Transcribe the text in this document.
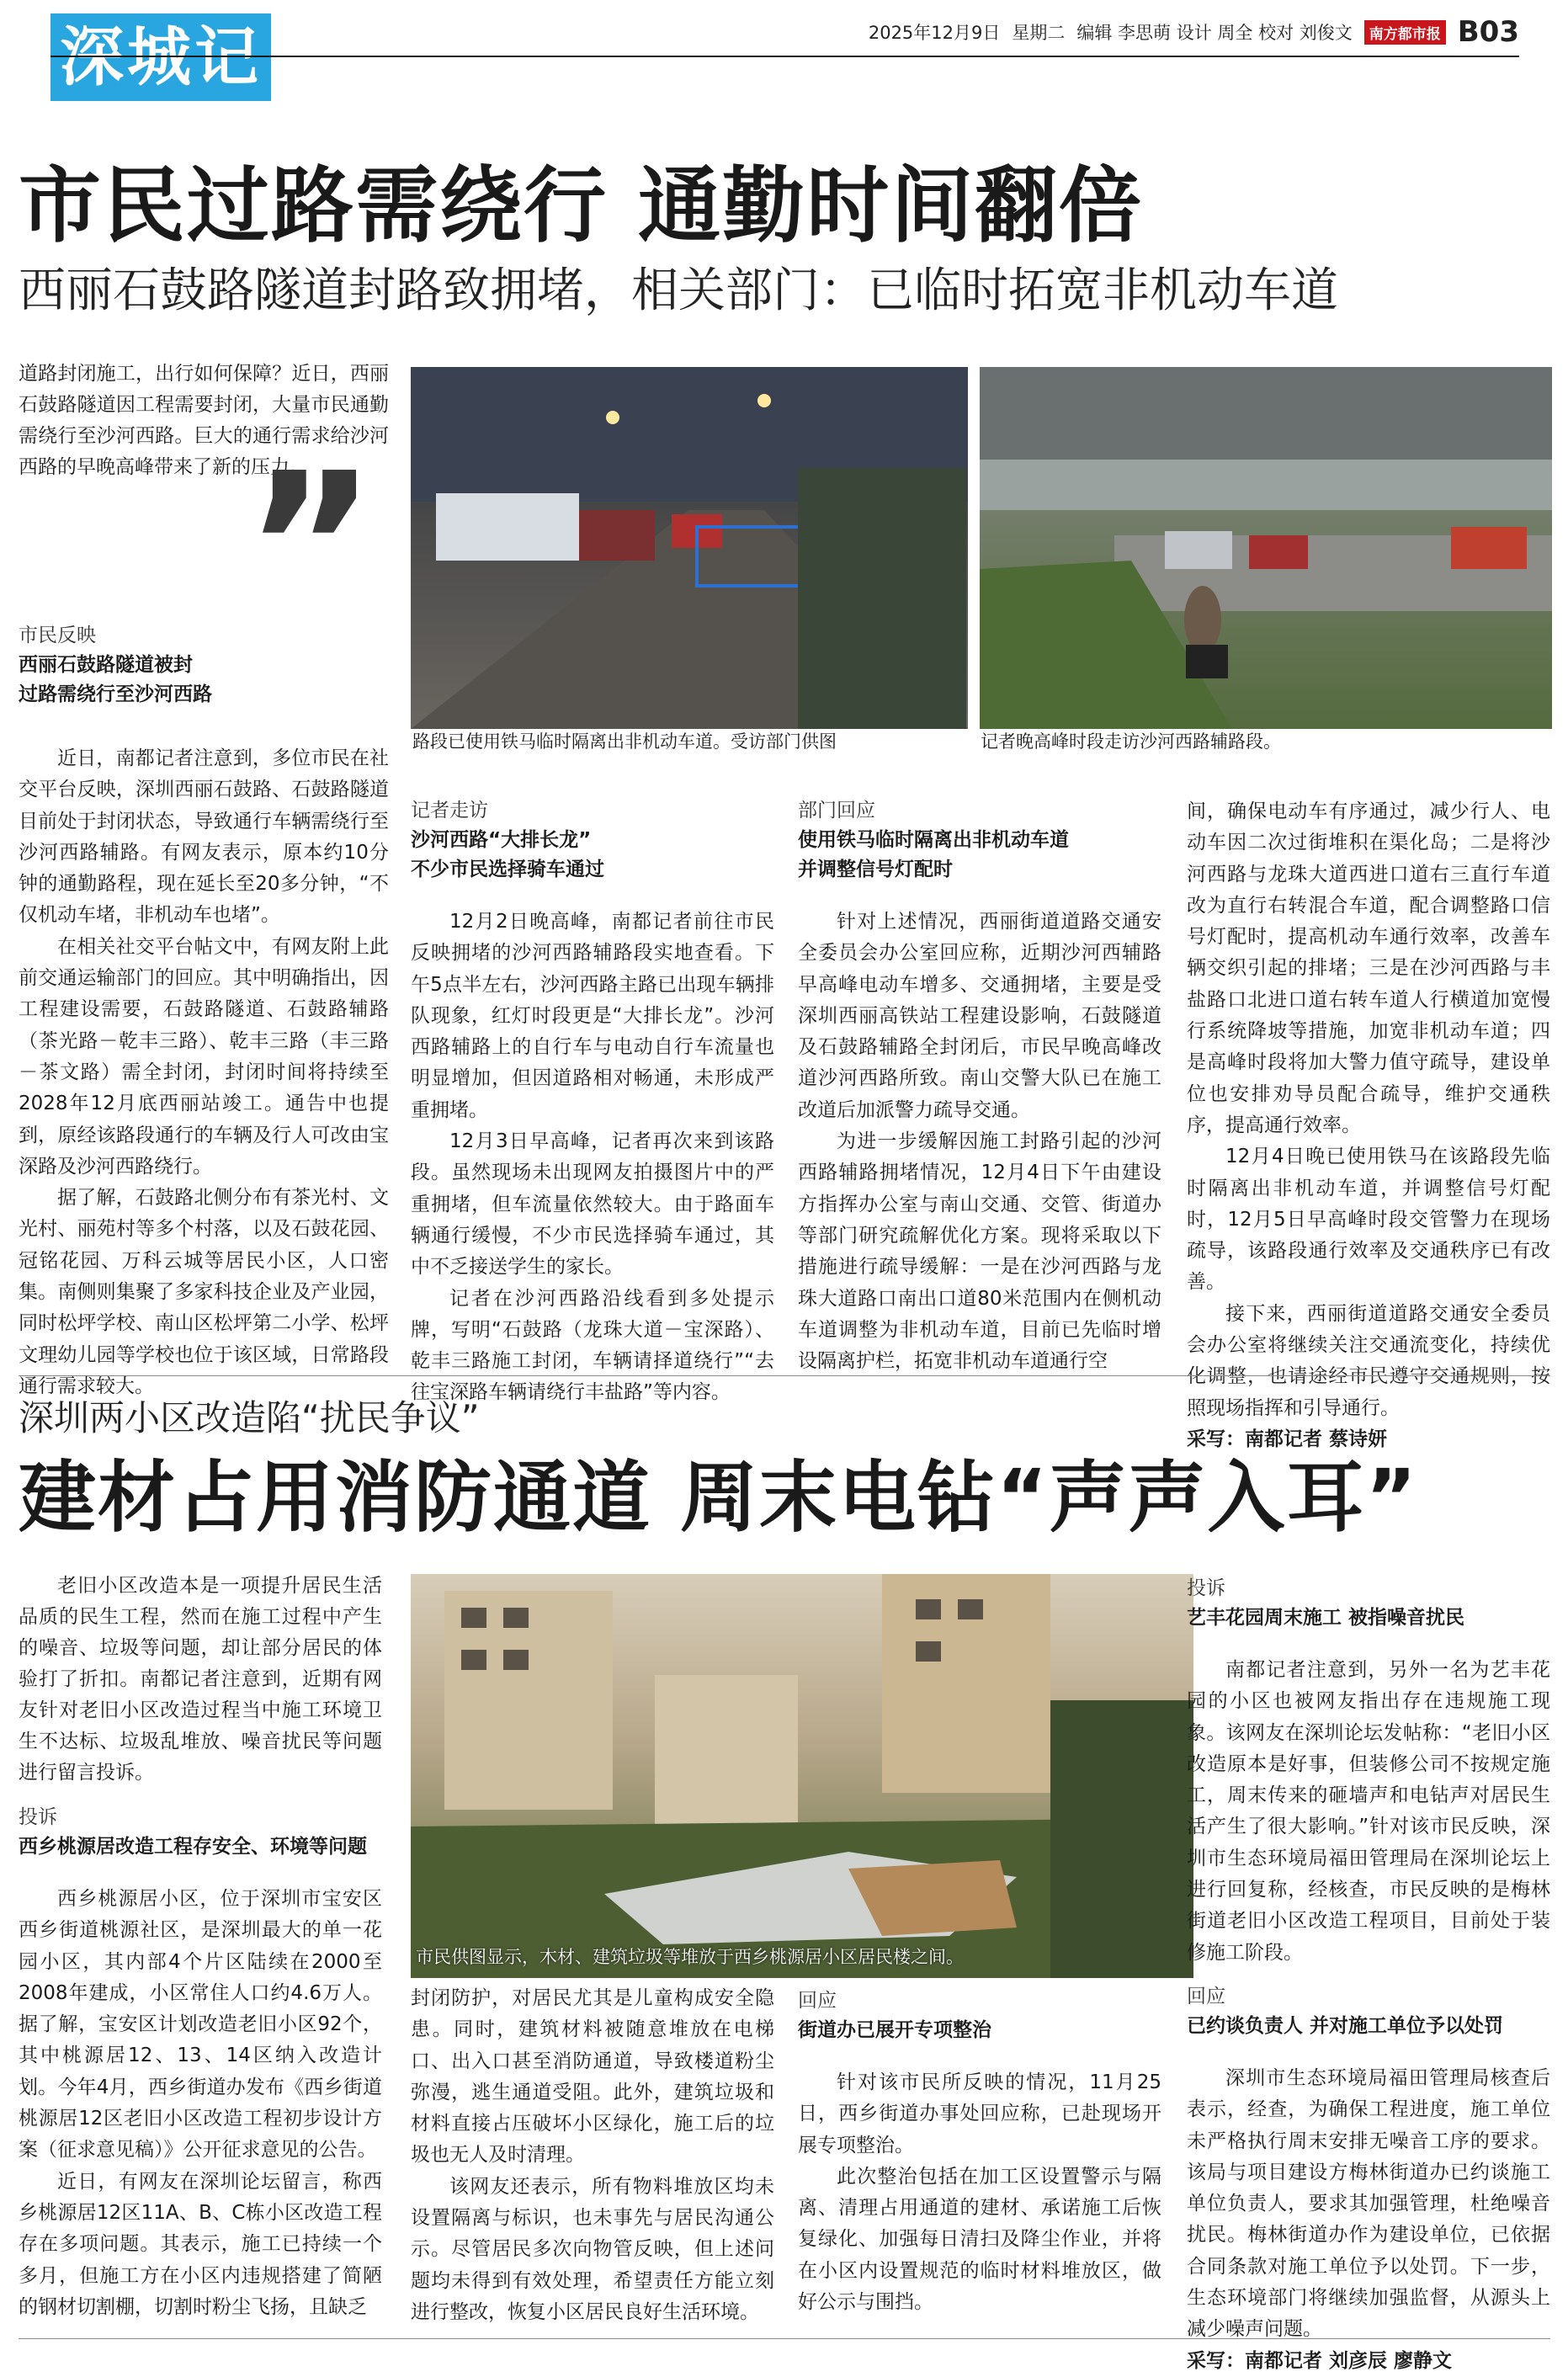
深城记	2025年12月9日 星期二 编辑 李思萌 设计 周全 校对 刘俊文	南方都市报 B03
市民过路需绕行 通勤时间翻倍
西丽石鼓路隧道封路致拥堵，相关部门：已临时拓宽非机动车道
道路封闭施工，出行如何保障？近日，西丽石鼓路隧道因工程需要封闭，大量市民通勤需绕行至沙河西路。巨大的通行需求给沙河西路的早晚高峰带来了新的压力。
”
路段已使用铁马临时隔离出非机动车道。受访部门供图	记者晚高峰时段走访沙河西路辅路段。
市民反映
西丽石鼓路隧道被封
过路需绕行至沙河西路

近日，南都记者注意到，多位市民在社交平台反映，深圳西丽石鼓路、石鼓路隧道目前处于封闭状态，导致通行车辆需绕行至沙河西路辅路。有网友表示，原本约10分钟的通勤路程，现在延长至20多分钟，“不仅机动车堵，非机动车也堵”。

在相关社交平台帖文中，有网友附上此前交通运输部门的回应。其中明确指出，因工程建设需要，石鼓路隧道、石鼓路辅路（茶光路－乾丰三路）、乾丰三路（丰三路－茶文路）需全封闭，封闭时间将持续至2028年12月底西丽站竣工。通告中也提到，原经该路段通行的车辆及行人可改由宝深路及沙河西路绕行。

据了解，石鼓路北侧分布有茶光村、文光村、丽苑村等多个村落，以及石鼓花园、冠铭花园、万科云城等居民小区，人口密集。南侧则集聚了多家科技企业及产业园，同时松坪学校、南山区松坪第二小学、松坪文理幼儿园等学校也位于该区域，日常路段通行需求较大。

记者走访
沙河西路“大排长龙”
不少市民选择骑车通过

12月2日晚高峰，南都记者前往市民反映拥堵的沙河西路辅路段实地查看。下午5点半左右，沙河西路主路已出现车辆排队现象，红灯时段更是“大排长龙”。沙河西路辅路上的自行车与电动自行车流量也明显增加，但因道路相对畅通，未形成严重拥堵。

12月3日早高峰，记者再次来到该路段。虽然现场未出现网友拍摄图片中的严重拥堵，但车流量依然较大。由于路面车辆通行缓慢，不少市民选择骑车通过，其中不乏接送学生的家长。

记者在沙河西路沿线看到多处提示牌，写明“石鼓路（龙珠大道－宝深路）、乾丰三路施工封闭，车辆请择道绕行”“去往宝深路车辆请绕行丰盐路”等内容。

部门回应
使用铁马临时隔离出非机动车道
并调整信号灯配时

针对上述情况，西丽街道道路交通安全委员会办公室回应称，近期沙河西辅路早高峰电动车增多、交通拥堵，主要是受深圳西丽高铁站工程建设影响，石鼓隧道及石鼓路辅路全封闭后，市民早晚高峰改道沙河西路所致。南山交警大队已在施工改道后加派警力疏导交通。

为进一步缓解因施工封路引起的沙河西路辅路拥堵情况，12月4日下午由建设方指挥办公室与南山交通、交管、街道办等部门研究疏解优化方案。现将采取以下措施进行疏导缓解：一是在沙河西路与龙珠大道路口南出口道80米范围内在侧机动车道调整为非机动车道，目前已先临时增设隔离护栏，拓宽非机动车道通行空

间，确保电动车有序通过，减少行人、电动车因二次过街堆积在渠化岛；二是将沙河西路与龙珠大道西进口道右三直行车道改为直行右转混合车道，配合调整路口信号灯配时，提高机动车通行效率，改善车辆交织引起的排堵；三是在沙河西路与丰盐路口北进口道右转车道人行横道加宽慢行系统降坡等措施，加宽非机动车道；四是高峰时段将加大警力值守疏导，建设单位也安排劝导员配合疏导，维护交通秩序，提高通行效率。

12月4日晚已使用铁马在该路段先临时隔离出非机动车道，并调整信号灯配时，12月5日早高峰时段交管警力在现场疏导，该路段通行效率及交通秩序已有改善。

接下来，西丽街道道路交通安全委员会办公室将继续关注交通流变化，持续优化调整，也请途经市民遵守交通规则，按照现场指挥和引导通行。

采写：南都记者 蔡诗妍
深圳两小区改造陷“扰民争议”
建材占用消防通道 周末电钻“声声入耳”
老旧小区改造本是一项提升居民生活品质的民生工程，然而在施工过程中产生的噪音、垃圾等问题，却让部分居民的体验打了折扣。南都记者注意到，近期有网友针对老旧小区改造过程当中施工环境卫生不达标、垃圾乱堆放、噪音扰民等问题进行留言投诉。
市民供图显示，木材、建筑垃圾等堆放于西乡桃源居小区居民楼之间。
投诉
西乡桃源居改造工程存安全、环境等问题

西乡桃源居小区，位于深圳市宝安区西乡街道桃源社区，是深圳最大的单一花园小区，其内部4个片区陆续在2000至2008年建成，小区常住人口约4.6万人。据了解，宝安区计划改造老旧小区92个，其中桃源居12、13、14区纳入改造计划。今年4月，西乡街道办发布《西乡街道桃源居12区老旧小区改造工程初步设计方案（征求意见稿）》公开征求意见的公告。

近日，有网友在深圳论坛留言，称西乡桃源居12区11A、B、C栋小区改造工程存在多项问题。其表示，施工已持续一个多月，但施工方在小区内违规搭建了简陋的钢材切割棚，切割时粉尘飞扬，且缺乏

封闭防护，对居民尤其是儿童构成安全隐患。同时，建筑材料被随意堆放在电梯口、出入口甚至消防通道，导致楼道粉尘弥漫，逃生通道受阻。此外，建筑垃圾和材料直接占压破坏小区绿化，施工后的垃圾也无人及时清理。

该网友还表示，所有物料堆放区均未设置隔离与标识，也未事先与居民沟通公示。尽管居民多次向物管反映，但上述问题均未得到有效处理，希望责任方能立刻进行整改，恢复小区居民良好生活环境。

回应
街道办已展开专项整治

针对该市民所反映的情况，11月25日，西乡街道办事处回应称，已赴现场开展专项整治。

此次整治包括在加工区设置警示与隔离、清理占用通道的建材、承诺施工后恢复绿化、加强每日清扫及降尘作业，并将在小区内设置规范的临时材料堆放区，做好公示与围挡。

投诉
艺丰花园周末施工 被指噪音扰民

南都记者注意到，另外一名为艺丰花园的小区也被网友指出存在违规施工现象。该网友在深圳论坛发帖称：“老旧小区改造原本是好事，但装修公司不按规定施工，周末传来的砸墙声和电钻声对居民生活产生了很大影响。”针对该市民反映，深圳市生态环境局福田管理局在深圳论坛上进行回复称，经核查，市民反映的是梅林街道老旧小区改造工程项目，目前处于装修施工阶段。

回应
已约谈负责人 并对施工单位予以处罚

深圳市生态环境局福田管理局核查后表示，经查，为确保工程进度，施工单位未严格执行周末安排无噪音工序的要求。该局与项目建设方梅林街道办已约谈施工单位负责人，要求其加强管理，杜绝噪音扰民。梅林街道办作为建设单位，已依据合同条款对施工单位予以处罚。下一步，生态环境部门将继续加强监督，从源头上减少噪声问题。

采写：南都记者 刘彦辰 廖静文
